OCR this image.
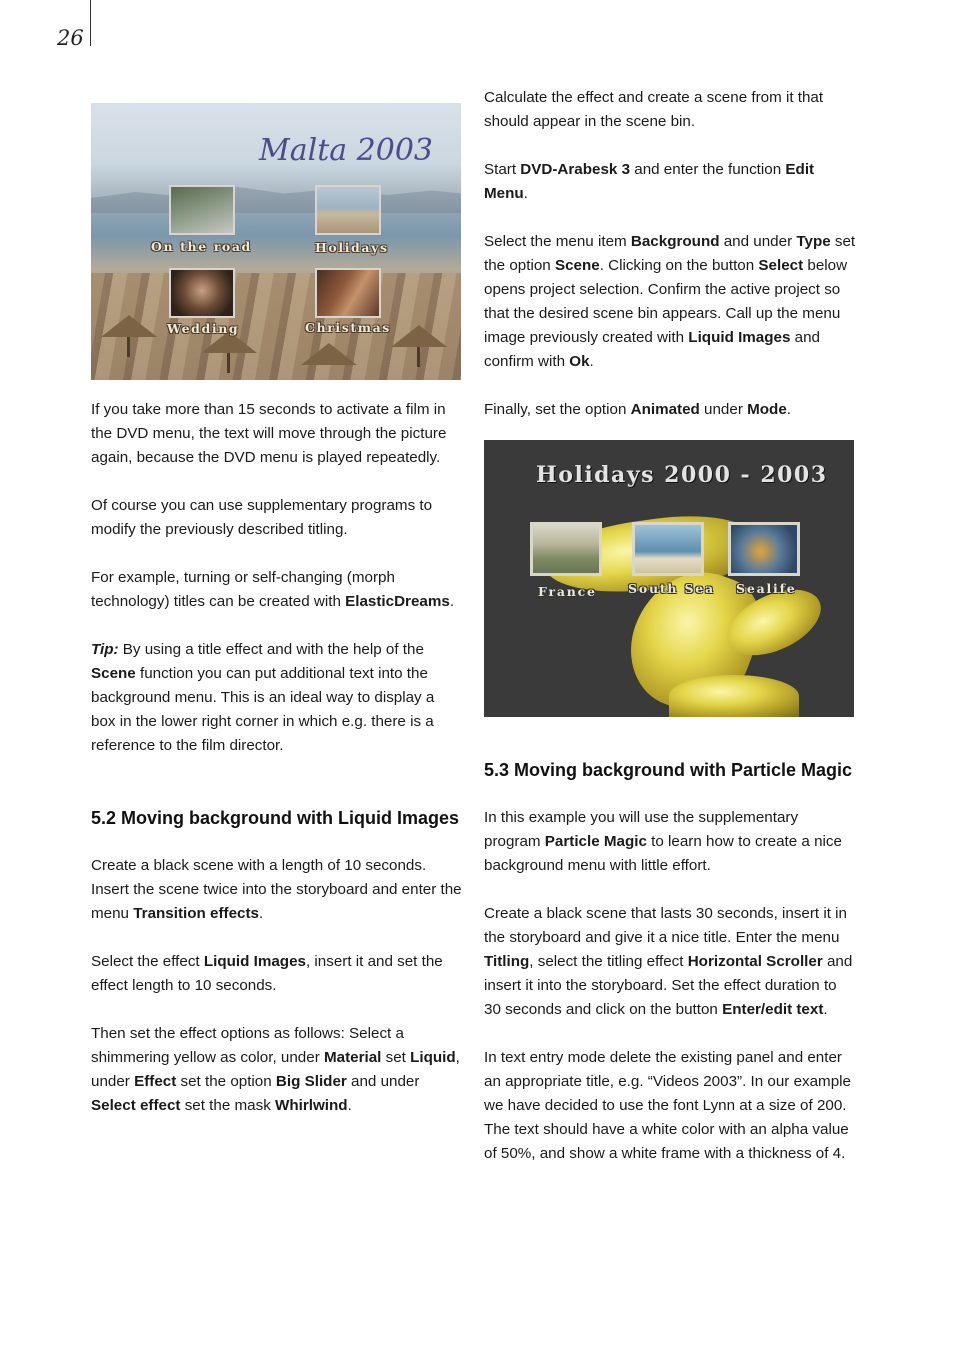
26
Malta 2003
On the road	Holidays
Wedding	Christmas

If you take more than 15 seconds to activate a film in the DVD menu, the text will move through the picture again, because the DVD menu is played repeatedly.

Of course you can use supplementary programs to modify the previously described titling.

For example, turning or self-changing (morph technology) titles can be created with ElasticDreams.

Tip: By using a title effect and with the help of the Scene function you can put additional text into the background menu. This is an ideal way to display a box in the lower right corner in which e.g. there is a reference to the film director.

5.2 Moving background with Liquid Images

Create a black scene with a length of 10 seconds. Insert the scene twice into the storyboard and enter the menu Transition effects.

Select the effect Liquid Images, insert it and set the effect length to 10 seconds.

Then set the effect options as follows: Select a shimmering yellow as color, under Material set Liquid, under Effect set the option Big Slider and under Select effect set the mask Whirlwind.

Calculate the effect and create a scene from it that should appear in the scene bin.

Start DVD-Arabesk 3 and enter the function Edit Menu.

Select the menu item Background and under Type set the option Scene. Clicking on the button Select below opens project selection. Confirm the active project so that the desired scene bin appears. Call up the menu image previously created with Liquid Images and confirm with Ok.

Finally, set the option Animated under Mode.

Holidays 2000 - 2003
France South Sea Sealife
5.3 Moving background with Particle Magic

In this example you will use the supplementary program Particle Magic to learn how to create a nice background menu with little effort.

Create a black scene that lasts 30 seconds, insert it in the storyboard and give it a nice title. Enter the menu Titling, select the titling effect Horizontal Scroller and insert it into the storyboard. Set the effect duration to 30 seconds and click on the button Enter/edit text.

In text entry mode delete the existing panel and enter an appropriate title, e.g. “Videos 2003”. In our example we have decided to use the font Lynn at a size of 200. The text should have a white color with an alpha value of 50%, and show a white frame with a thickness of 4.
